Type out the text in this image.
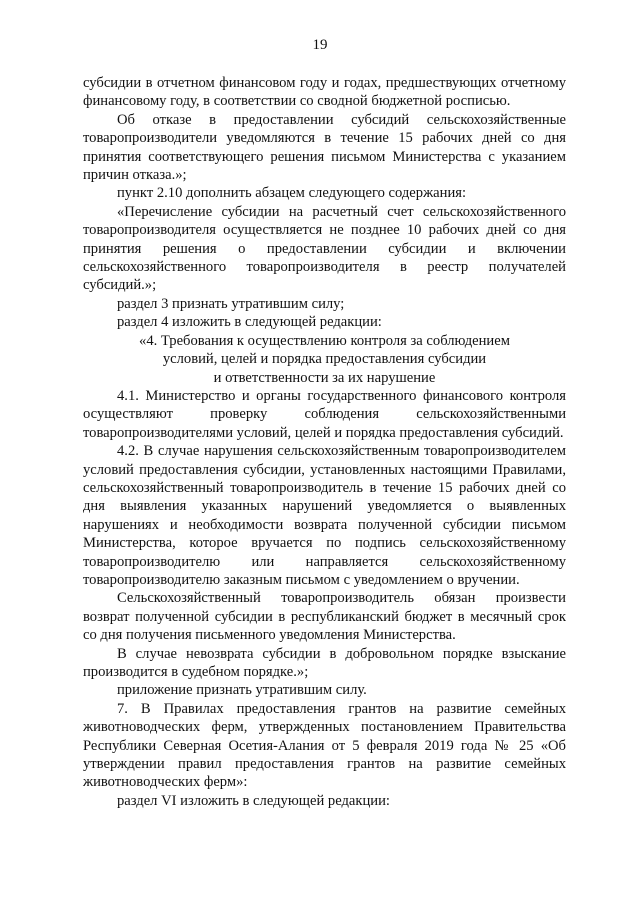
19

субсидии в отчетном финансовом году и годах, предшествующих отчетному финансовому году, в соответствии со сводной бюджетной росписью.

Об отказе в предоставлении субсидий сельскохозяйственные товаропроизводители уведомляются в течение 15 рабочих дней со дня принятия соответствующего решения письмом Министерства с указанием причин отказа.»;

пункт 2.10 дополнить абзацем следующего содержания:

«Перечисление субсидии на расчетный счет сельскохозяйственного товаропроизводителя осуществляется не позднее 10 рабочих дней со дня принятия решения о предоставлении субсидии и включении сельскохозяйственного товаропроизводителя в реестр получателей субсидий.»;

раздел 3 признать утратившим силу;

раздел 4 изложить в следующей редакции:

«4. Требования к осуществлению контроля за соблюдением
условий, целей и порядка предоставления субсидии
и ответственности за их нарушение

4.1. Министерство и органы государственного финансового контроля осуществляют проверку соблюдения сельскохозяйственными товаропроизводителями условий, целей и порядка предоставления субсидий.

4.2. В случае нарушения сельскохозяйственным товаропроизводителем условий предоставления субсидии, установленных настоящими Правилами, сельскохозяйственный товаропроизводитель в течение 15 рабочих дней со дня выявления указанных нарушений уведомляется о выявленных нарушениях и необходимости возврата полученной субсидии письмом Министерства, которое вручается по подпись сельскохозяйственному товаропроизводителю или направляется сельскохозяйственному товаропроизводителю заказным письмом с уведомлением о вручении.

Сельскохозяйственный товаропроизводитель обязан произвести возврат полученной субсидии в республиканский бюджет в месячный срок со дня получения письменного уведомления Министерства.

В случае невозврата субсидии в добровольном порядке взыскание производится в судебном порядке.»;

приложение признать утратившим силу.

7. В Правилах предоставления грантов на развитие семейных животноводческих ферм, утвержденных постановлением Правительства Республики Северная Осетия-Алания от 5 февраля 2019 года № 25 «Об утверждении правил предоставления грантов на развитие семейных животноводческих ферм»:

раздел VI изложить в следующей редакции:
